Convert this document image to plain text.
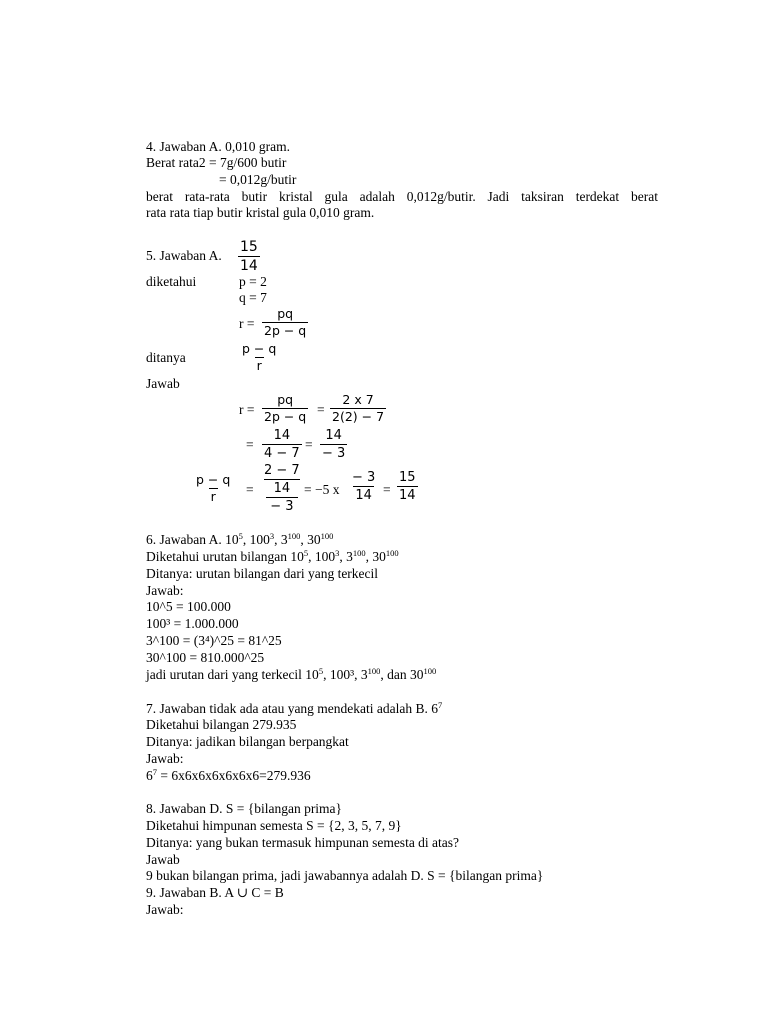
4. Jawaban A. 0,010 gram.
Berat rata2 = 7g/600 butir
= 0,012g/butir
berat rata-rata butir kristal gula adalah 0,012g/butir. Jadi taksiran terdekat berat
rata rata tiap butir kristal gula 0,010 gram.
5. Jawaban A. $\frac{15}{14}$
diketahui	p = 2
q = 7
$r = \frac{pq}{2p - q}$
ditanya	$\frac{p - q}{r}$
Jawab
$r = \frac{pq}{2p - q} = \frac{2 x 7}{2(2) - 7}$
= $\frac{14}{4 - 7} = \frac{14}{- 3}$
$\frac{p - q}{r} = \frac{2 - 7}{\frac{14}{- 3}} = -5$ x $\frac{- 3}{14} = \frac{15}{14}$
6. Jawaban A. $10^5$, $100^3$, $3^{100}$, $30^{100}$
Diketahui urutan bilangan $10^5$, $100^3$, $3^{100}$, $30^{100}$
Ditanya: urutan bilangan dari yang terkecil
Jawab:
10^5 = 100.000
100³ = 1.000.000
3^100 = (3⁴)^25 = 81^25
30^100 = 810.000^25
jadi urutan dari yang terkecil $10^5$, 100³, $3^{100}$, dan $30^{100}$
7. Jawaban tidak ada atau yang mendekati adalah B. $6^7$
Diketahui bilangan 279.935
Ditanya: jadikan bilangan berpangkat
Jawab:
$6^7 = 6x6x6x6x6x6x6=279.936$
8. Jawaban D. S = {bilangan prima}
Diketahui himpunan semesta S = {2, 3, 5, 7, 9}
Ditanya: yang bukan termasuk himpunan semesta di atas?
Jawab
9 bukan bilangan prima, jadi jawabannya adalah D. S = {bilangan prima}
9. Jawaban B. A ∪ C = B
Jawab:
